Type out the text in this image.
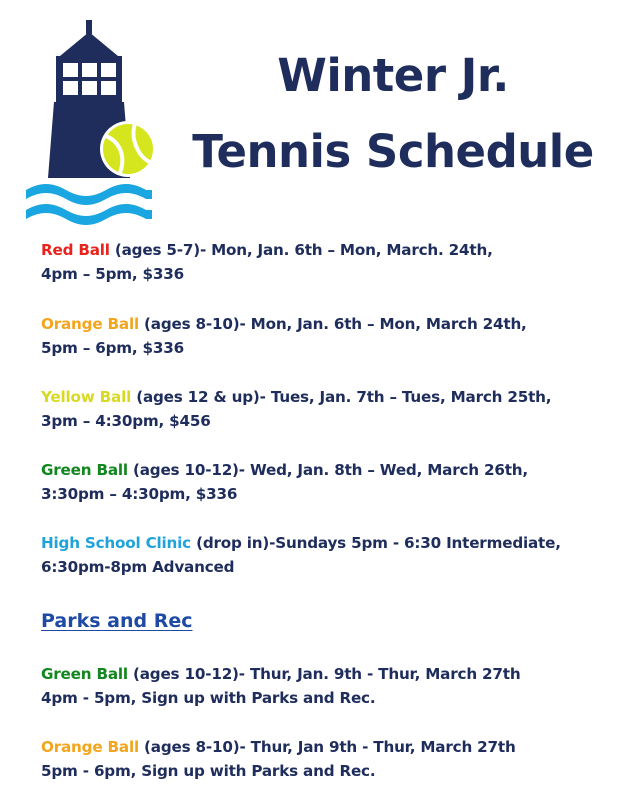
Winter Jr.
Tennis Schedule
Red Ball (ages 5-7)- Mon, Jan. 6th – Mon, March. 24th,
4pm – 5pm, $336
Orange Ball (ages 8-10)- Mon, Jan. 6th – Mon, March 24th,
5pm – 6pm, $336
Yellow Ball (ages 12 & up)- Tues, Jan. 7th – Tues, March 25th,
3pm – 4:30pm, $456
Green Ball (ages 10-12)- Wed, Jan. 8th – Wed, March 26th,
3:30pm – 4:30pm, $336
High School Clinic (drop in)-Sundays 5pm - 6:30 Intermediate,
6:30pm-8pm Advanced
Parks and Rec
Green Ball (ages 10-12)- Thur, Jan. 9th - Thur, March 27th
4pm - 5pm, Sign up with Parks and Rec.
Orange Ball (ages 8-10)- Thur, Jan 9th - Thur, March 27th
5pm - 6pm, Sign up with Parks and Rec.
